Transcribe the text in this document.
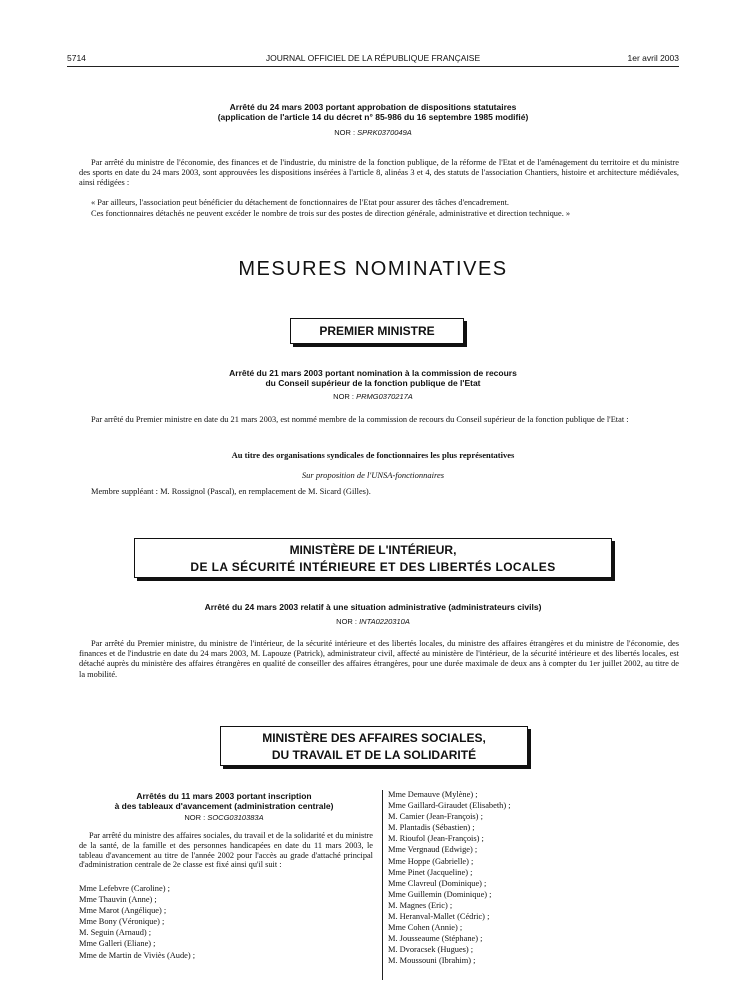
5714	JOURNAL OFFICIEL DE LA RÉPUBLIQUE FRANÇAISE	1er avril 2003
Arrêté du 24 mars 2003 portant approbation de dispositions statutaires
(application de l'article 14 du décret n° 85-986 du 16 septembre 1985 modifié)
NOR : SPRK0370049A
Par arrêté du ministre de l'économie, des finances et de l'industrie, du ministre de la fonction publique, de la réforme de l'Etat et de l'aménagement du territoire et du ministre des sports en date du 24 mars 2003, sont approuvées les dispositions insérées à l'article 8, alinéas 3 et 4, des statuts de l'association Chantiers, histoire et architecture médiévales, ainsi rédigées :
« Par ailleurs, l'association peut bénéficier du détachement de fonctionnaires de l'Etat pour assurer des tâches d'encadrement.
Ces fonctionnaires détachés ne peuvent excéder le nombre de trois sur des postes de direction générale, administrative et direction technique. »
MESURES NOMINATIVES
PREMIER MINISTRE
Arrêté du 21 mars 2003 portant nomination à la commission de recours
du Conseil supérieur de la fonction publique de l'Etat
NOR : PRMG0370217A
Par arrêté du Premier ministre en date du 21 mars 2003, est nommé membre de la commission de recours du Conseil supérieur de la fonction publique de l'Etat :
Au titre des organisations syndicales de fonctionnaires les plus représentatives
Sur proposition de l'UNSA-fonctionnaires
Membre suppléant : M. Rossignol (Pascal), en remplacement de M. Sicard (Gilles).
MINISTÈRE DE L'INTÉRIEUR,
DE LA SÉCURITÉ INTÉRIEURE ET DES LIBERTÉS LOCALES
Arrêté du 24 mars 2003 relatif à une situation administrative (administrateurs civils)
NOR : INTA0220310A
Par arrêté du Premier ministre, du ministre de l'intérieur, de la sécurité intérieure et des libertés locales, du ministre des affaires étrangères et du ministre de l'économie, des finances et de l'industrie en date du 24 mars 2003, M. Lapouze (Patrick), administrateur civil, affecté au ministère de l'intérieur, de la sécurité intérieure et des libertés locales, est détaché auprès du ministère des affaires étrangères en qualité de conseiller des affaires étrangères, pour une durée maximale de deux ans à compter du 1er juillet 2002, au titre de la mobilité.
MINISTÈRE DES AFFAIRES SOCIALES,
DU TRAVAIL ET DE LA SOLIDARITÉ
Arrêtés du 11 mars 2003 portant inscription
à des tableaux d'avancement (administration centrale)
NOR : SOCG0310383A
Par arrêté du ministre des affaires sociales, du travail et de la solidarité et du ministre de la santé, de la famille et des personnes handicapées en date du 11 mars 2003, le tableau d'avancement au titre de l'année 2002 pour l'accès au grade d'attaché principal d'administration centrale de 2e classe est fixé ainsi qu'il suit :
Mme Lefebvre (Caroline) ;
Mme Thauvin (Anne) ;
Mme Marot (Angélique) ;
Mme Bony (Véronique) ;
M. Seguin (Arnaud) ;
Mme Galleri (Eliane) ;
Mme de Martin de Viviès (Aude) ;
Mme Demauve (Mylène) ;
Mme Gaillard-Giraudet (Elisabeth) ;
M. Camier (Jean-François) ;
M. Plantadis (Sébastien) ;
M. Rioufol (Jean-François) ;
Mme Vergnaud (Edwige) ;
Mme Hoppe (Gabrielle) ;
Mme Pinet (Jacqueline) ;
Mme Clavreul (Dominique) ;
Mme Guillemin (Dominique) ;
M. Magnes (Eric) ;
M. Heranval-Mallet (Cédric) ;
Mme Cohen (Annie) ;
M. Jousseaume (Stéphane) ;
M. Dvoracsek (Hugues) ;
M. Moussouni (Ibrahim) ;
